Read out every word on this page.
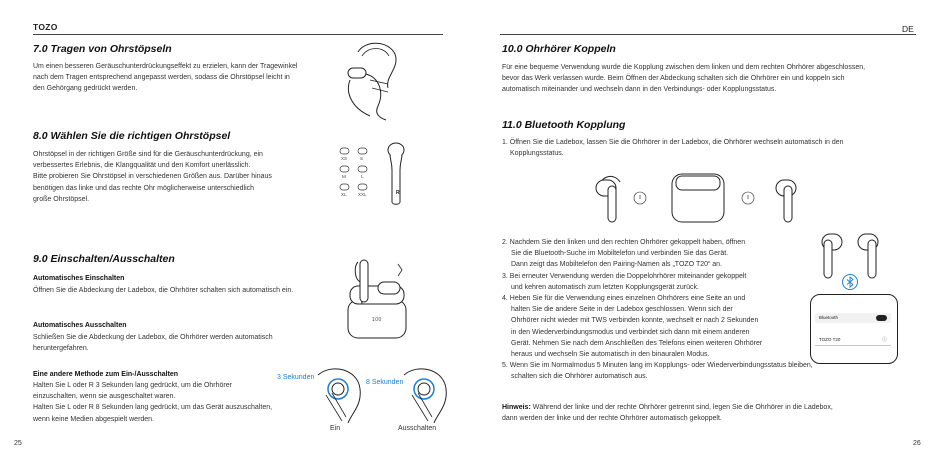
TOZO	DE
7.0 Tragen von Ohrstöpseln
Um einen besseren Geräuschunterdrückungseffekt zu erzielen, kann der Tragewinkel
nach dem Tragen entsprechend angepasst werden, sodass die Ohrstöpsel leicht in
den Gehörgang gedrückt werden.
8.0 Wählen Sie die richtigen Ohrstöpsel
Ohrstöpsel in der richtigen Größe sind für die Geräuschunterdrückung, ein
verbessertes Erlebnis, die Klangqualität und den Komfort unerlässlich.
Bitte probieren Sie Ohrstöpsel in verschiedenen Größen aus. Darüber hinaus
benötigen das linke und das rechte Ohr möglicherweise unterschiedlich
große Ohrstöpsel.
XS	S
M	L
XL	XXL	R
9.0 Einschalten/Ausschalten
Automatisches Einschalten
Öffnen Sie die Abdeckung der Ladebox, die Ohrhörer schalten sich automatisch ein.
100
Automatisches Ausschalten
Schließen Sie die Abdeckung der Ladebox, die Ohrhörer werden automatisch
heruntergefahren.
Eine andere Methode zum Ein-/Ausschalten
Halten Sie L oder R 3 Sekunden lang gedrückt, um die Ohrhörer
einzuschalten, wenn sie ausgeschaltet waren.
Halten Sie L oder R 8 Sekunden lang gedrückt, um das Gerät auszuschalten,
wenn keine Medien abgespielt werden.
3 Sekunden
8 Sekunden
Ein	Ausschalten
25
10.0 Ohrhörer Koppeln
Für eine bequeme Verwendung wurde die Kopplung zwischen dem linken und dem rechten Ohrhörer abgeschlossen,
bevor das Werk verlassen wurde. Beim Öffnen der Abdeckung schalten sich die Ohrhörer ein und koppeln sich
automatisch miteinander und wechseln dann in den Verbindungs- oder Kopplungsstatus.
11.0 Bluetooth Kopplung
1. Öffnen Sie die Ladebox, lassen Sie die Ohrhörer in der Ladebox, die Ohrhörer wechseln automatisch in den
Kopplungsstatus.
2. Nachdem Sie den linken und den rechten Ohrhörer gekoppelt haben, öffnen
Sie die Bluetooth-Suche im Mobiltelefon und verbinden Sie das Gerät.
Dann zeigt das Mobiltelefon den Pairing-Namen als „TOZO T20“ an.
3. Bei erneuter Verwendung werden die Doppelohrhörer miteinander gekoppelt
und kehren automatisch zum letzten Kopplungsgerät zurück.
4. Heben Sie für die Verwendung eines einzelnen Ohrhörers eine Seite an und
halten Sie die andere Seite in der Ladebox geschlossen. Wenn sich der
Ohrhörer nicht wieder mit TWS verbinden konnte, wechselt er nach 2 Sekunden
in den Wiederverbindungsmodus und verbindet sich dann mit einem anderen
Gerät. Nehmen Sie nach dem Anschließen des Telefons einen weiteren Ohrhörer
heraus und wechseln Sie automatisch in den binauralen Modus.
5. Wenn Sie im Normalmodus 5 Minuten lang im Kopplungs- oder Wiederverbindungsstatus bleiben,
schalten sich die Ohrhörer automatisch aus.
Bluetooth
TOZO T20	ⓘ
Hinweis: Während der linke und der rechte Ohrhörer getrennt sind, legen Sie die Ohrhörer in die Ladebox,
dann werden der linke und der rechte Ohrhörer automatisch gekoppelt.
26
